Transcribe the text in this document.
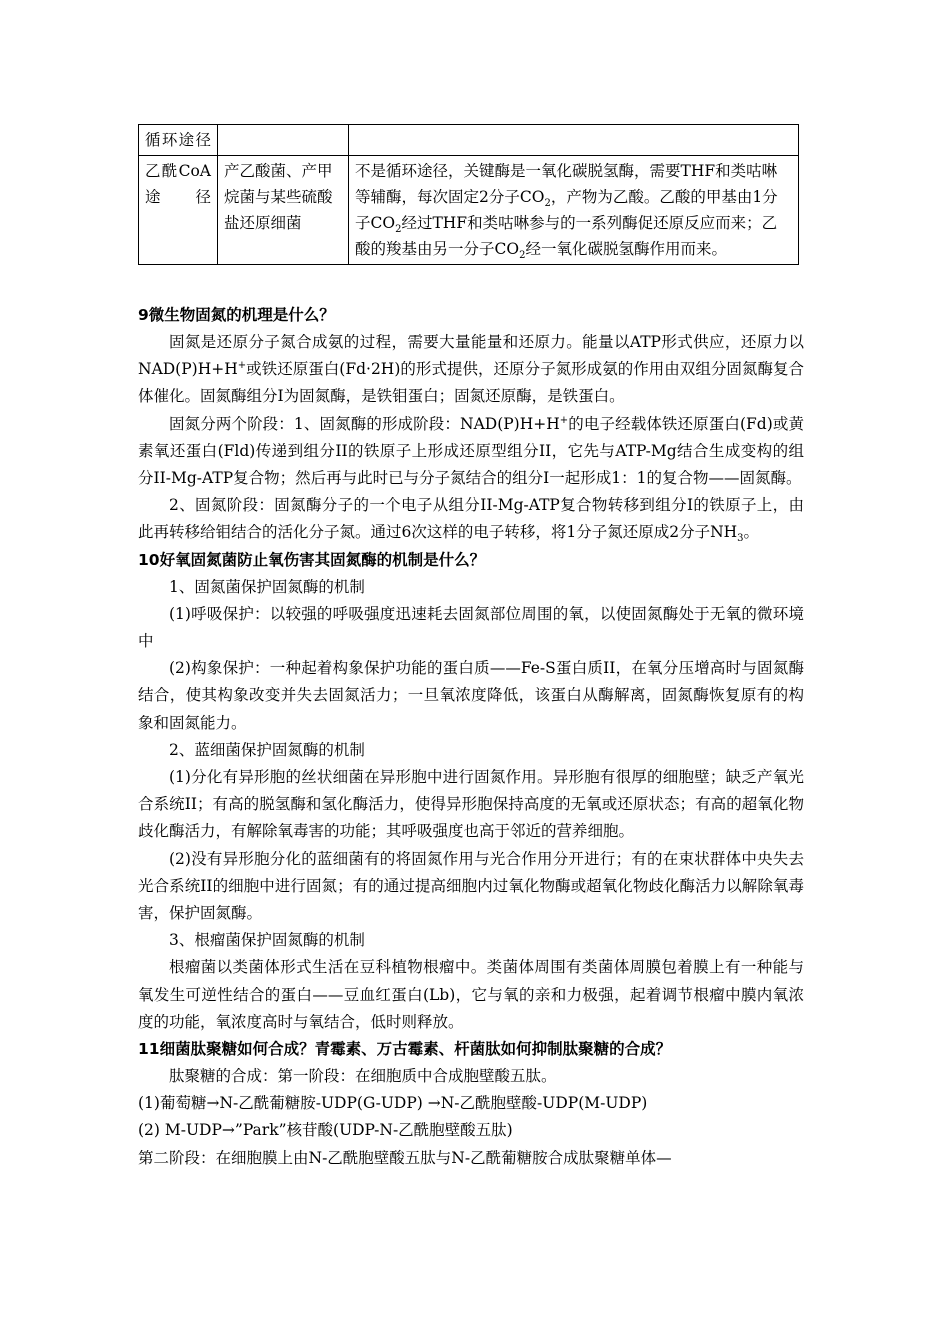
循环途径		
乙酰CoA途径	产乙酸菌、产甲烷菌与某些硫酸盐还原细菌	不是循环途径，关键酶是一氧化碳脱氢酶，需要THF和类咕啉等辅酶，每次固定2分子$CO_2$，产物为乙酸。乙酸的甲基由1分子$CO_2$经过THF和类咕啉参与的一系列酶促还原反应而来；乙酸的羧基由另一分子$CO_2$经一氧化碳脱氢酶作用而来。

9微生物固氮的机理是什么？

固氮是还原分子氮合成氨的过程，需要大量能量和还原力。能量以ATP形式供应，还原力以NAD(P)H+H+或铁还原蛋白(Fd·2H)的形式提供，还原分子氮形成氨的作用由双组分固氮酶复合体催化。固氮酶组分I为固氮酶，是铁钼蛋白；固氮还原酶，是铁蛋白。

固氮分两个阶段：1、固氮酶的形成阶段：NAD(P)H+H+的电子经载体铁还原蛋白(Fd)或黄素氧还蛋白(Fld)传递到组分II的铁原子上形成还原型组分II，它先与ATP-Mg结合生成变构的组分II-Mg-ATP复合物；然后再与此时已与分子氮结合的组分I一起形成1：1的复合物——固氮酶。

2、固氮阶段：固氮酶分子的一个电子从组分II-Mg-ATP复合物转移到组分I的铁原子上，由此再转移给钼结合的活化分子氮。通过6次这样的电子转移，将1分子氮还原成2分子$NH_3$。

10好氧固氮菌防止氧伤害其固氮酶的机制是什么？

1、固氮菌保护固氮酶的机制

(1)呼吸保护：以较强的呼吸强度迅速耗去固氮部位周围的氧，以使固氮酶处于无氧的微环境中

(2)构象保护：一种起着构象保护功能的蛋白质——Fe-S蛋白质II，在氧分压增高时与固氮酶结合，使其构象改变并失去固氮活力；一旦氧浓度降低，该蛋白从酶解离，固氮酶恢复原有的构象和固氮能力。

2、蓝细菌保护固氮酶的机制

(1)分化有异形胞的丝状细菌在异形胞中进行固氮作用。异形胞有很厚的细胞壁；缺乏产氧光合系统II；有高的脱氢酶和氢化酶活力，使得异形胞保持高度的无氧或还原状态；有高的超氧化物歧化酶活力，有解除氧毒害的功能；其呼吸强度也高于邻近的营养细胞。

(2)没有异形胞分化的蓝细菌有的将固氮作用与光合作用分开进行；有的在束状群体中央失去光合系统II的细胞中进行固氮；有的通过提高细胞内过氧化物酶或超氧化物歧化酶活力以解除氧毒害，保护固氮酶。

3、根瘤菌保护固氮酶的机制

根瘤菌以类菌体形式生活在豆科植物根瘤中。类菌体周围有类菌体周膜包着膜上有一种能与氧发生可逆性结合的蛋白——豆血红蛋白(Lb)，它与氧的亲和力极强，起着调节根瘤中膜内氧浓度的功能，氧浓度高时与氧结合，低时则释放。

11细菌肽聚糖如何合成？青霉素、万古霉素、杆菌肽如何抑制肽聚糖的合成？

肽聚糖的合成：第一阶段：在细胞质中合成胞壁酸五肽。

(1)葡萄糖→N-乙酰葡糖胺-UDP(G-UDP) →N-乙酰胞壁酸-UDP(M-UDP)

(2) M-UDP→”Park”核苷酸(UDP-N-乙酰胞壁酸五肽)

第二阶段：在细胞膜上由N-乙酰胞壁酸五肽与N-乙酰葡糖胺合成肽聚糖单体—
